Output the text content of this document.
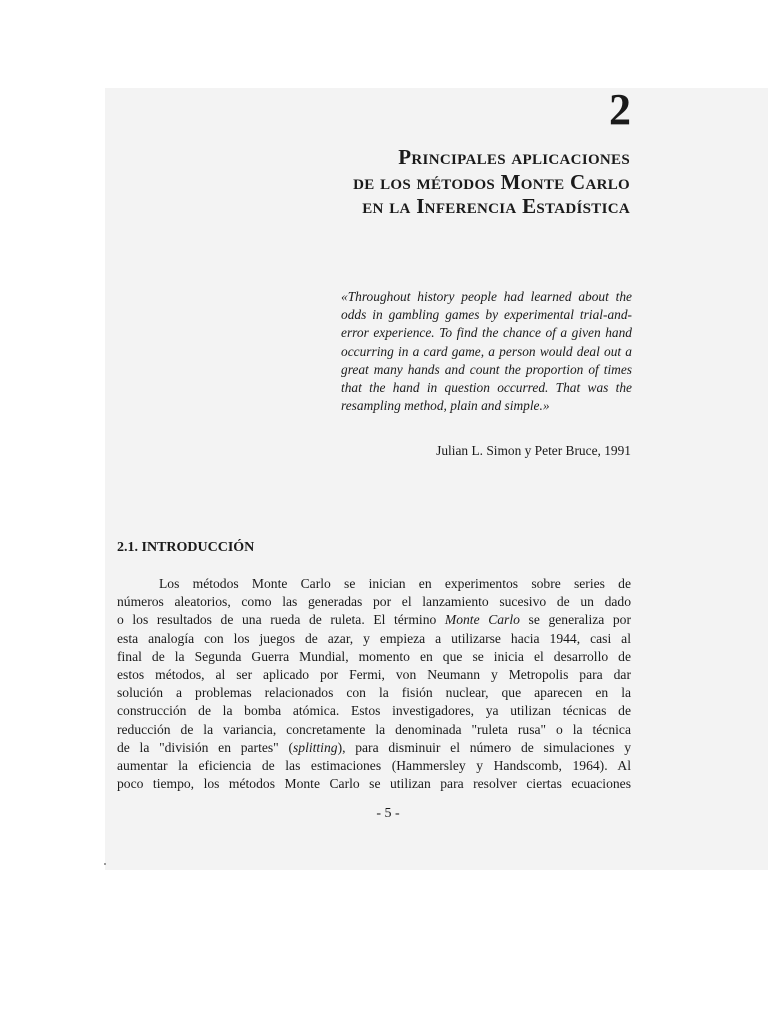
2
Principales aplicaciones
de los métodos Monte Carlo
en la Inferencia Estadística
«Throughout history people had learned about the odds in gambling games by experimental trial-and-error experience. To find the chance of a given hand occurring in a card game, a person would deal out a great many hands and count the proportion of times that the hand in question occurred. That was the resampling method, plain and simple.»
Julian L. Simon y Peter Bruce, 1991
2.1. INTRODUCCIÓN
Los métodos Monte Carlo se inician en experimentos sobre series de
números aleatorios, como las generadas por el lanzamiento sucesivo de un dado
o los resultados de una rueda de ruleta. El término Monte Carlo se generaliza por
esta analogía con los juegos de azar, y empieza a utilizarse hacia 1944, casi al
final de la Segunda Guerra Mundial, momento en que se inicia el desarrollo de
estos métodos, al ser aplicado por Fermi, von Neumann y Metropolis para dar
solución a problemas relacionados con la fisión nuclear, que aparecen en la
construcción de la bomba atómica. Estos investigadores, ya utilizan técnicas de
reducción de la variancia, concretamente la denominada "ruleta rusa" o la técnica
de la "división en partes" (splitting), para disminuir el número de simulaciones y
aumentar la eficiencia de las estimaciones (Hammersley y Handscomb, 1964). Al
poco tiempo, los métodos Monte Carlo se utilizan para resolver ciertas ecuaciones
- 5 -
